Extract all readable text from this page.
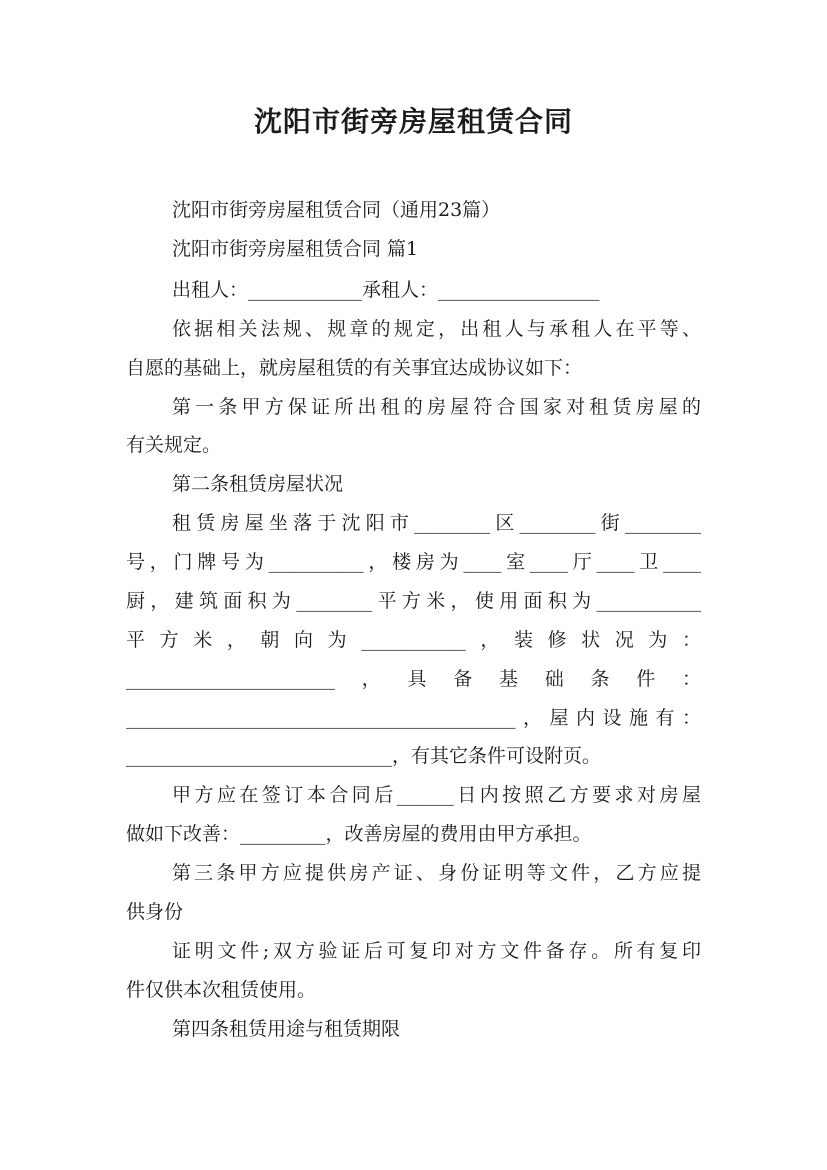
沈阳市街旁房屋租赁合同
沈阳市街旁房屋租赁合同（通用23篇）
沈阳市街旁房屋租赁合同 篇1
出租人：____________承租人：_________________
依据相关法规、规章的规定，出租人与承租人在平等、
自愿的基础上，就房屋租赁的有关事宜达成协议如下：
第一条甲方保证所出租的房屋符合国家对租赁房屋的
有关规定。
第二条租赁房屋状况
租赁房屋坐落于沈阳市________区________街________
号，门牌号为__________，楼房为____室____厅____卫____
厨，建筑面积为________平方米，使用面积为___________
平方米，朝向为___________，装修状况为：
______________________，具备基础条件：
_________________________________________，屋内设施有：
____________________________，有其它条件可设附页。
甲方应在签订本合同后______日内按照乙方要求对房屋
做如下改善：_________，改善房屋的费用由甲方承担。
第三条甲方应提供房产证、身份证明等文件，乙方应提
供身份
证明文件;双方验证后可复印对方文件备存。所有复印
件仅供本次租赁使用。
第四条租赁用途与租赁期限
